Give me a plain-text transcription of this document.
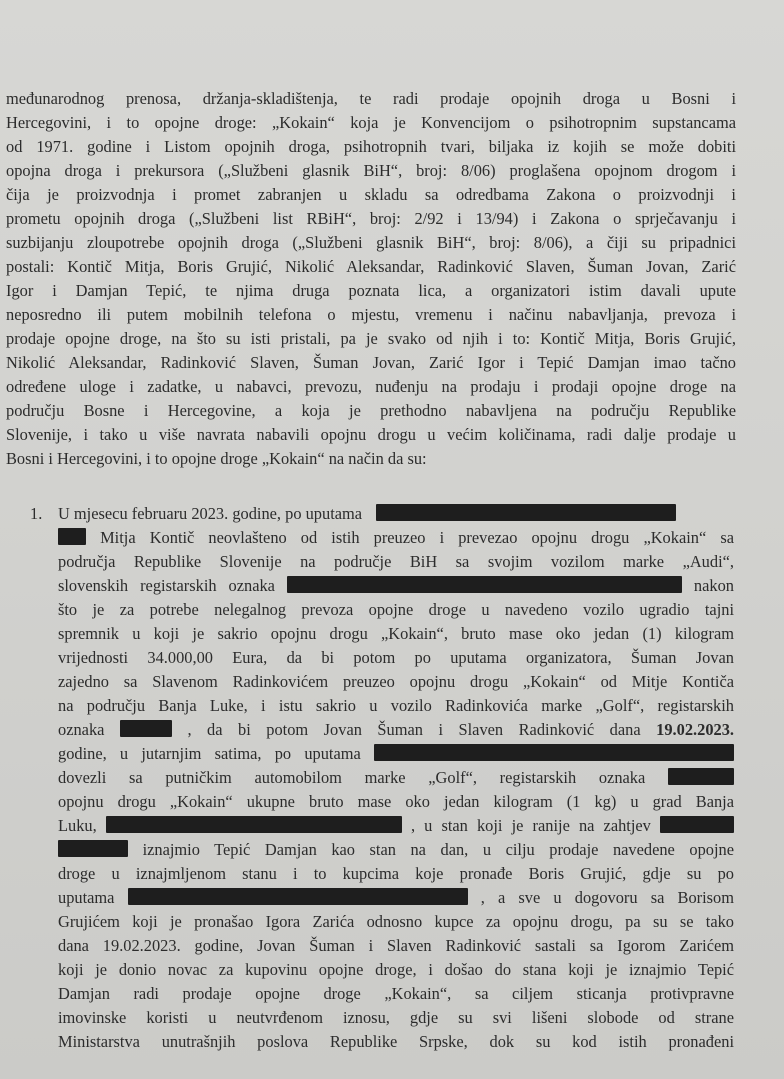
međunarodnog prenosa, držanja-skladištenja, te radi prodaje opojnih droga u Bosni i
Hercegovini, i to opojne droge: „Kokain“ koja je Konvencijom o psihotropnim supstancama
od 1971. godine i Listom opojnih droga, psihotropnih tvari, biljaka iz kojih se može dobiti
opojna droga i prekursora („Službeni glasnik BiH“, broj: 8/06) proglašena opojnom drogom i
čija je proizvodnja i promet zabranjen u skladu sa odredbama Zakona o proizvodnji i
prometu opojnih droga („Službeni list RBiH“, broj: 2/92 i 13/94) i Zakona o sprječavanju i
suzbijanju zloupotrebe opojnih droga („Službeni glasnik BiH“, broj: 8/06), a čiji su pripadnici
postali: Kontič Mitja, Boris Grujić, Nikolić Aleksandar, Radinković Slaven, Šuman Jovan, Zarić
Igor i Damjan Tepić, te njima druga poznata lica, a organizatori istim davali upute
neposredno ili putem mobilnih telefona o mjestu, vremenu i načinu nabavljanja, prevoza i
prodaje opojne droge, na što su isti pristali, pa je svako od njih i to: Kontič Mitja, Boris Grujić,
Nikolić Aleksandar, Radinković Slaven, Šuman Jovan, Zarić Igor i Tepić Damjan imao tačno
određene uloge i zadatke, u nabavci, prevozu, nuđenju na prodaju i prodaji opojne droge na
području Bosne i Hercegovine, a koja je prethodno nabavljena na području Republike
Slovenije, i tako u više navrata nabavili opojnu drogu u većim količinama, radi dalje prodaje u
Bosni i Hercegovini, i to opojne droge „Kokain“ na način da su:
1. U mjesecu februaru 2023. godine, po uputama
Mitja Kontič neovlašteno od istih preuzeo i prevezao opojnu drogu „Kokain“ sa
područja Republike Slovenije na područje BiH sa svojim vozilom marke „Audi“,
slovenskih registarskih oznaka	nakon
što je za potrebe nelegalnog prevoza opojne droge u navedeno vozilo ugradio tajni
spremnik u koji je sakrio opojnu drogu „Kokain“, bruto mase oko jedan (1) kilogram
vrijednosti 34.000,00 Eura, da bi potom po uputama organizatora, Šuman Jovan
zajedno sa Slavenom Radinkovićem preuzeo opojnu drogu „Kokain“ od Mitje Kontiča
na području Banja Luke, i istu sakrio u vozilo Radinkovića marke „Golf“, registarskih
oznaka	, da bi potom Jovan Šuman i Slaven Radinković dana 19.02.2023.
godine, u jutarnjim satima, po uputama
dovezli sa putničkim automobilom marke „Golf“, registarskih oznaka
opojnu drogu „Kokain“ ukupne bruto mase oko jedan kilogram (1 kg) u grad Banja
Luku,	, u stan koji je ranije na zahtjev
iznajmio Tepić Damjan kao stan na dan, u cilju prodaje navedene opojne
droge u iznajmljenom stanu i to kupcima koje pronađe Boris Grujić, gdje su po
uputama	, a sve u dogovoru sa Borisom
Grujićem koji je pronašao Igora Zarića odnosno kupce za opojnu drogu, pa su se tako
dana 19.02.2023. godine, Jovan Šuman i Slaven Radinković sastali sa Igorom Zarićem
koji je donio novac za kupovinu opojne droge, i došao do stana koji je iznajmio Tepić
Damjan radi prodaje opojne droge „Kokain“, sa ciljem sticanja protivpravne
imovinske koristi u neutvrđenom iznosu, gdje su svi lišeni slobode od strane
Ministarstva unutrašnjih poslova Republike Srpske, dok su kod istih pronađeni
